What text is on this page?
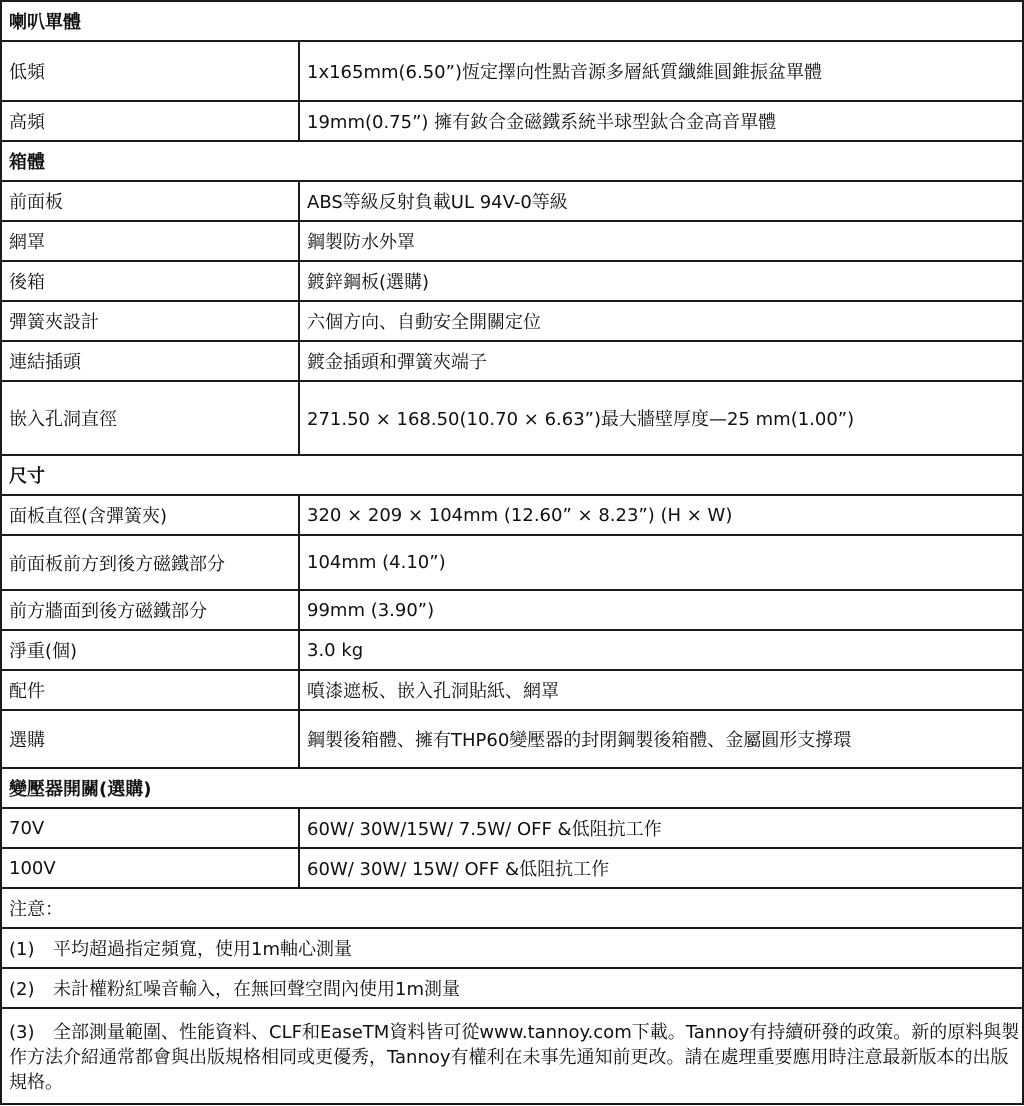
喇叭單體	
低頻	1x165mm(6.50”)恆定擇向性點音源多層紙質纖維圓錐振盆單體
高頻	19mm(0.75”) 擁有釹合金磁鐵系統半球型鈦合金高音單體
箱體	
前面板	ABS等級反射負載UL 94V-0等級
網罩	鋼製防水外罩
後箱	鍍鋅鋼板(選購)
彈簧夾設計	六個方向、自動安全開關定位
連結插頭	鍍金插頭和彈簧夾端子
嵌入孔洞直徑	271.50 × 168.50(10.70 × 6.63”)最大牆壁厚度—25 mm(1.00”)
尺寸	
面板直徑(含彈簧夾)	320 × 209 × 104mm (12.60” × 8.23”) (H × W)
前面板前方到後方磁鐵部分	104mm (4.10”)
前方牆面到後方磁鐵部分	99mm (3.90”)
淨重(個)	3.0 kg
配件	噴漆遮板、嵌入孔洞貼紙、網罩
選購	鋼製後箱體、擁有THP60變壓器的封閉鋼製後箱體、金屬圓形支撐環
變壓器開關(選購)	
70V	60W/ 30W/15W/ 7.5W/ OFF &低阻抗工作
100V	60W/ 30W/ 15W/ OFF &低阻抗工作
注意：	
(1) 平均超過指定頻寬，使用1m軸心測量	
(2) 未計權粉紅噪音輸入，在無回聲空間內使用1m測量	
(3) 全部測量範圍、性能資料、CLF和EaseTM資料皆可從www.tannoy.com下載。Tannoy有持續研發的政策。新的原料與製作方法介紹通常都會與出版規格相同或更優秀，Tannoy有權利在未事先通知前更改。請在處理重要應用時注意最新版本的出版規格。	
